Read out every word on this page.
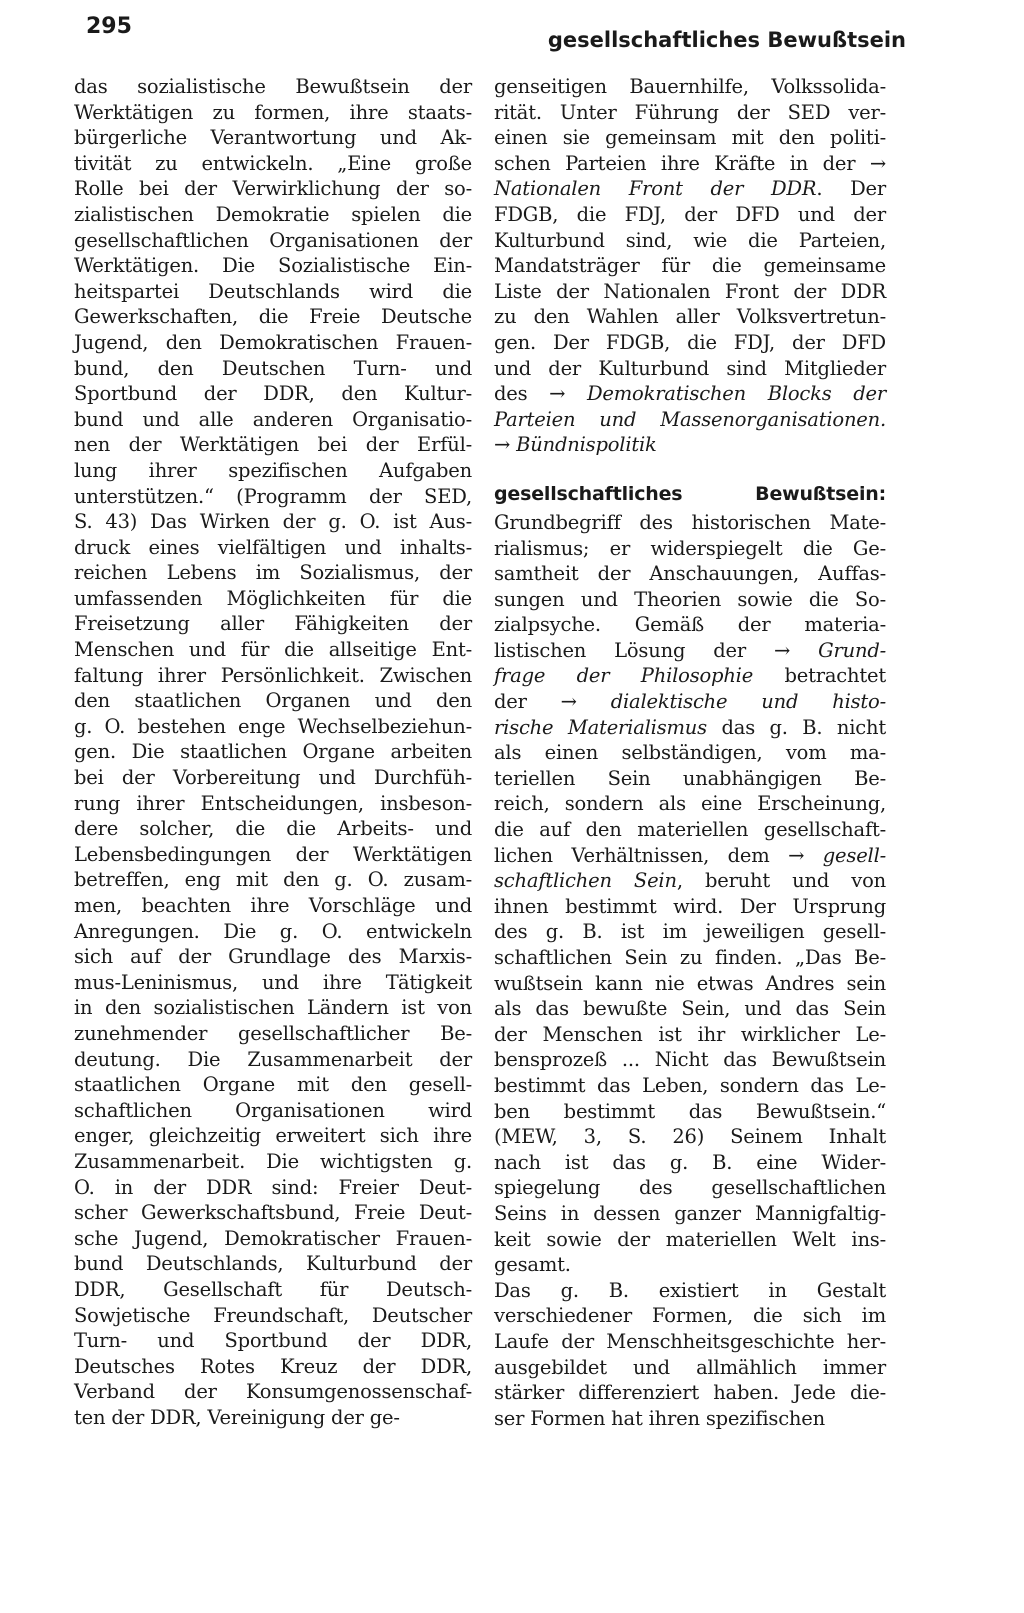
295
gesellschaftliches Bewußtsein
das sozialistische Bewußtsein der
Werktätigen zu formen, ihre staats-
bürgerliche Verantwortung und Ak-
tivität zu entwickeln. „Eine große
Rolle bei der Verwirklichung der so-
zialistischen Demokratie spielen die
gesellschaftlichen Organisationen der
Werktätigen. Die Sozialistische Ein-
heitspartei Deutschlands wird die
Gewerkschaften, die Freie Deutsche
Jugend, den Demokratischen Frauen-
bund, den Deutschen Turn- und
Sportbund der DDR, den Kultur-
bund und alle anderen Organisatio-
nen der Werktätigen bei der Erfül-
lung ihrer spezifischen Aufgaben
unterstützen.“ (Programm der SED,
S. 43) Das Wirken der g. O. ist Aus-
druck eines vielfältigen und inhalts-
reichen Lebens im Sozialismus, der
umfassenden Möglichkeiten für die
Freisetzung aller Fähigkeiten der
Menschen und für die allseitige Ent-
faltung ihrer Persönlichkeit. Zwischen
den staatlichen Organen und den
g. O. bestehen enge Wechselbeziehun-
gen. Die staatlichen Organe arbeiten
bei der Vorbereitung und Durchfüh-
rung ihrer Entscheidungen, insbeson-
dere solcher, die die Arbeits- und
Lebensbedingungen der Werktätigen
betreffen, eng mit den g. O. zusam-
men, beachten ihre Vorschläge und
Anregungen. Die g. O. entwickeln
sich auf der Grundlage des Marxis-
mus-Leninismus, und ihre Tätigkeit
in den sozialistischen Ländern ist von
zunehmender gesellschaftlicher Be-
deutung. Die Zusammenarbeit der
staatlichen Organe mit den gesell-
schaftlichen Organisationen wird
enger, gleichzeitig erweitert sich ihre
Zusammenarbeit. Die wichtigsten g.
O. in der DDR sind: Freier Deut-
scher Gewerkschaftsbund, Freie Deut-
sche Jugend, Demokratischer Frauen-
bund Deutschlands, Kulturbund der
DDR, Gesellschaft für Deutsch-
Sowjetische Freundschaft, Deutscher
Turn- und Sportbund der DDR,
Deutsches Rotes Kreuz der DDR,
Verband der Konsumgenossenschaf-
ten der DDR, Vereinigung der ge-
genseitigen Bauernhilfe, Volkssolida-
rität. Unter Führung der SED ver-
einen sie gemeinsam mit den politi-
schen Parteien ihre Kräfte in der →
Nationalen Front der DDR. Der
FDGB, die FDJ, der DFD und der
Kulturbund sind, wie die Parteien,
Mandatsträger für die gemeinsame
Liste der Nationalen Front der DDR
zu den Wahlen aller Volksvertretun-
gen. Der FDGB, die FDJ, der DFD
und der Kulturbund sind Mitglieder
des → Demokratischen Blocks der
Parteien und Massenorganisationen.
→ Bündnispolitik
gesellschaftliches Bewußtsein:
Grundbegriff des historischen Mate-
rialismus; er widerspiegelt die Ge-
samtheit der Anschauungen, Auffas-
sungen und Theorien sowie die So-
zialpsyche. Gemäß der materia-
listischen Lösung der → Grund-
frage der Philosophie betrachtet
der → dialektische und histo-
rische Materialismus das g. B. nicht
als einen selbständigen, vom ma-
teriellen Sein unabhängigen Be-
reich, sondern als eine Erscheinung,
die auf den materiellen gesellschaft-
lichen Verhältnissen, dem → gesell-
schaftlichen Sein, beruht und von
ihnen bestimmt wird. Der Ursprung
des g. B. ist im jeweiligen gesell-
schaftlichen Sein zu finden. „Das Be-
wußtsein kann nie etwas Andres sein
als das bewußte Sein, und das Sein
der Menschen ist ihr wirklicher Le-
bensprozeß ... Nicht das Bewußtsein
bestimmt das Leben, sondern das Le-
ben bestimmt das Bewußtsein.“
(MEW, 3, S. 26) Seinem Inhalt
nach ist das g. B. eine Wider-
spiegelung des gesellschaftlichen
Seins in dessen ganzer Mannigfaltig-
keit sowie der materiellen Welt ins-
gesamt.
Das g. B. existiert in Gestalt
verschiedener Formen, die sich im
Laufe der Menschheitsgeschichte her-
ausgebildet und allmählich immer
stärker differenziert haben. Jede die-
ser Formen hat ihren spezifischen
